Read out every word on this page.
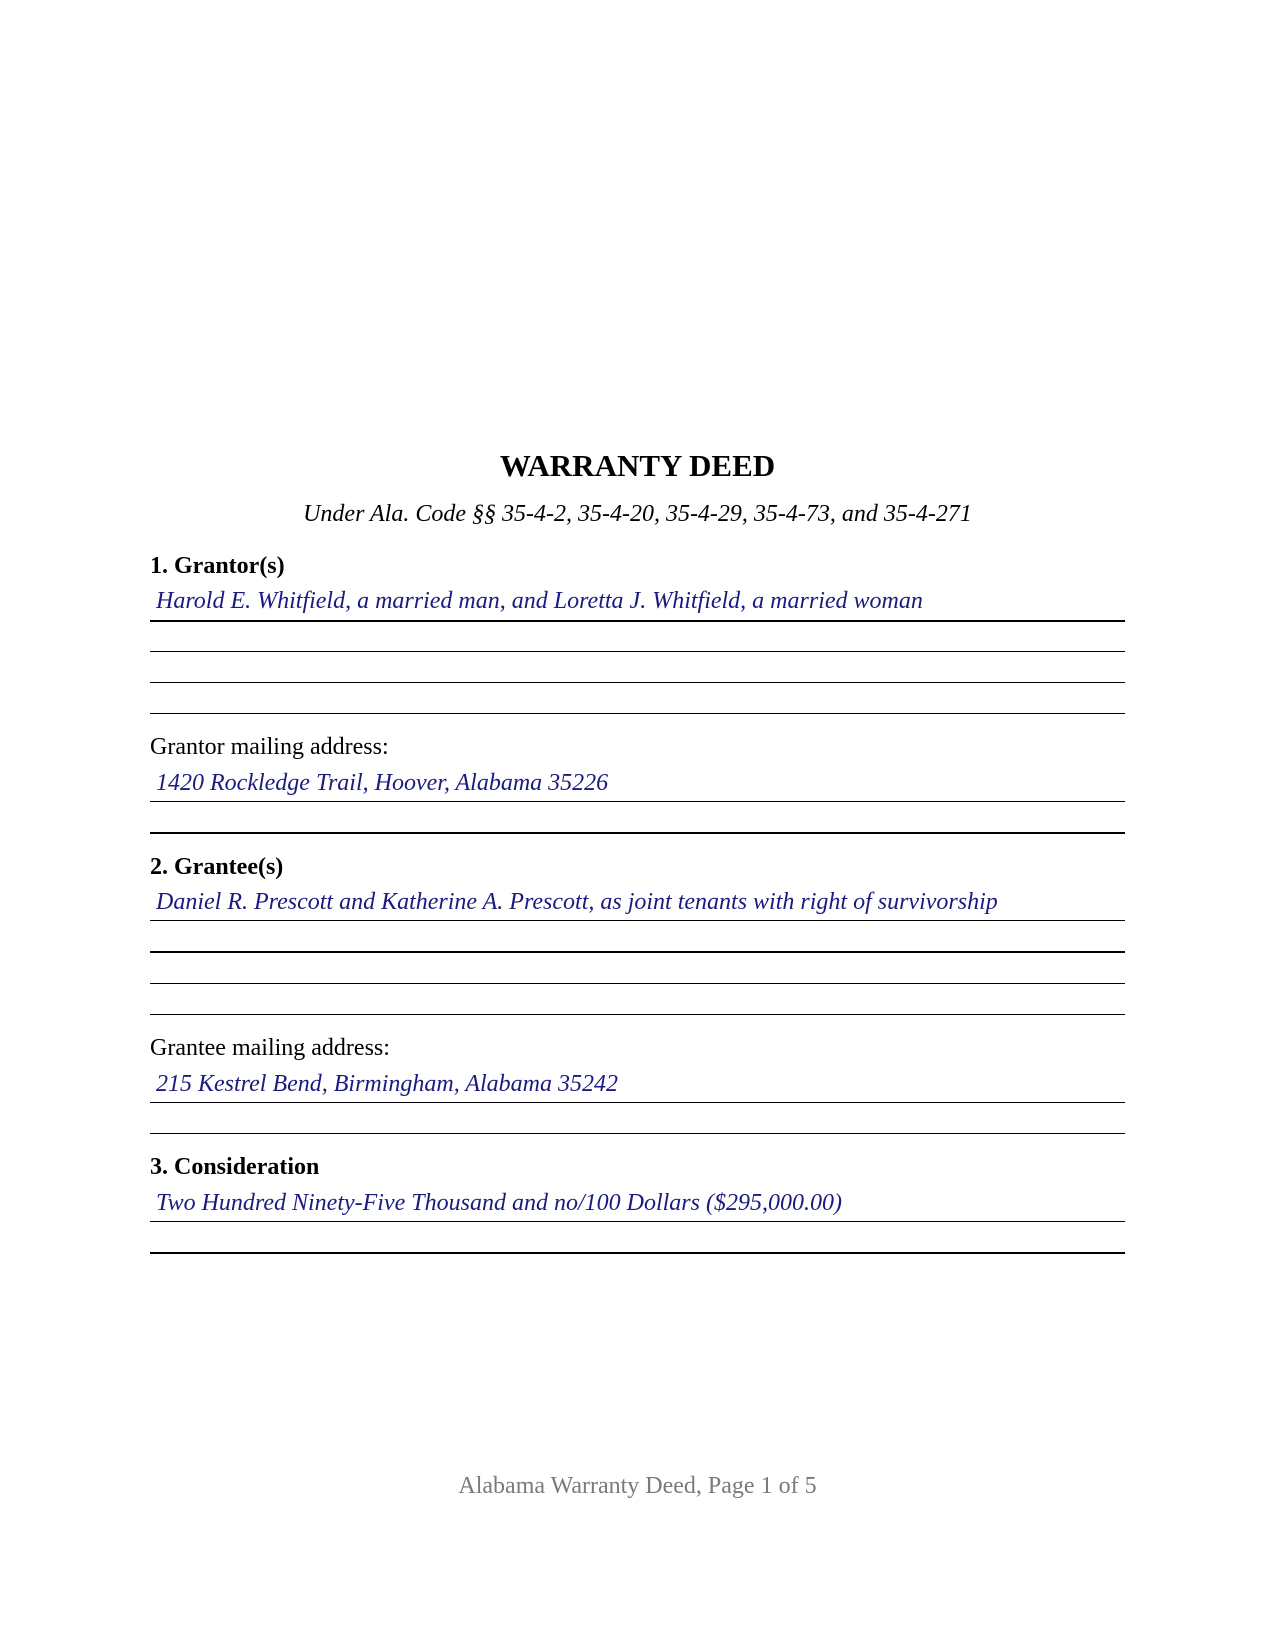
WARRANTY DEED
Under Ala. Code §§ 35-4-2, 35-4-20, 35-4-29, 35-4-73, and 35-4-271
1. Grantor(s)
Harold E. Whitfield, a married man, and Loretta J. Whitfield, a married woman
Grantor mailing address:
1420 Rockledge Trail, Hoover, Alabama 35226
2. Grantee(s)
Daniel R. Prescott and Katherine A. Prescott, as joint tenants with right of survivorship
Grantee mailing address:
215 Kestrel Bend, Birmingham, Alabama 35242
3. Consideration
Two Hundred Ninety-Five Thousand and no/100 Dollars ($295,000.00)
Alabama Warranty Deed, Page 1 of 5
